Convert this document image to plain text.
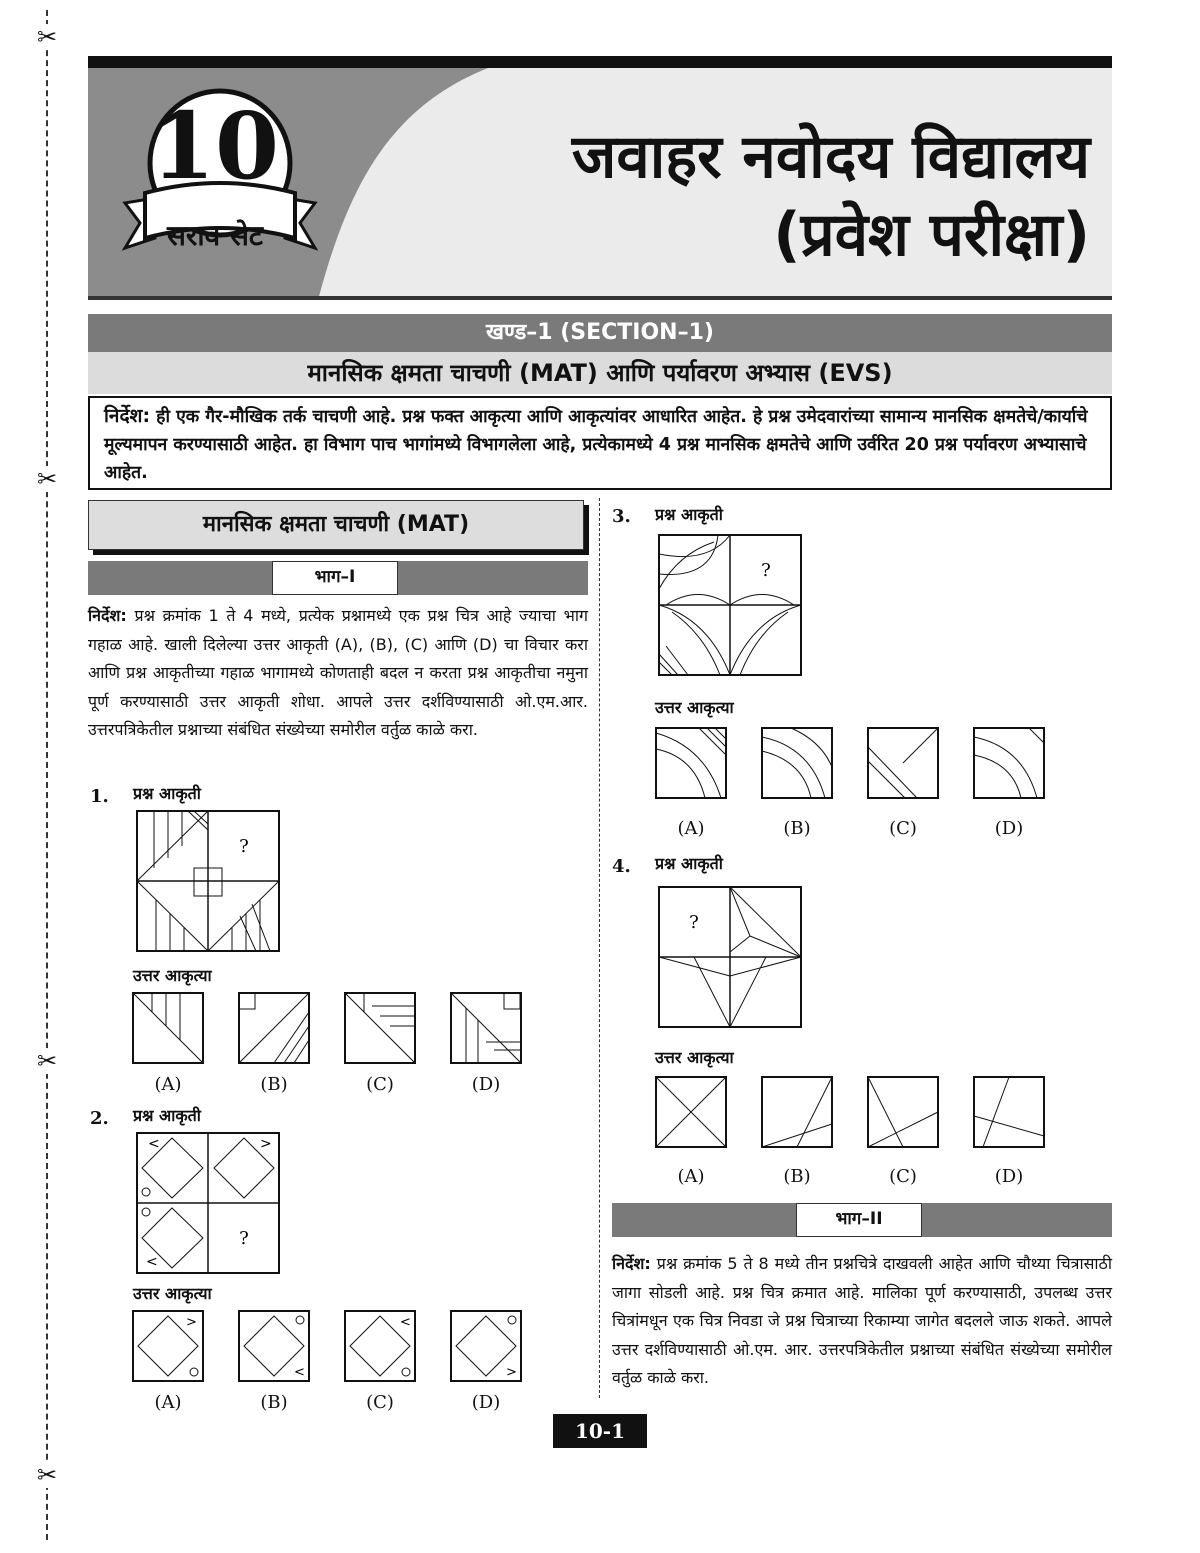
✂
✂
✂
✂
10
सराव सेट
जवाहर नवोदय विद्यालय
(प्रवेश परीक्षा)
खण्ड–1 (SECTION–1)
मानसिक क्षमता चाचणी (MAT) आणि पर्यावरण अभ्यास (EVS)
निर्देश: ही एक गैर-मौखिक तर्क चाचणी आहे. प्रश्न फक्त आकृत्या आणि आकृत्यांवर आधारित आहेत. हे प्रश्न उमेदवारांच्या सामान्य मानसिक क्षमतेचे/कार्याचे मूल्यमापन करण्यासाठी आहेत. हा विभाग पाच भागांमध्ये विभागलेला आहे, प्रत्येकामध्ये 4 प्रश्न मानसिक क्षमतेचे आणि उर्वरित 20 प्रश्न पर्यावरण अभ्यासाचे आहेत.
मानसिक क्षमता चाचणी (MAT)
भाग–I
निर्देश: प्रश्न क्रमांक 1 ते 4 मध्ये, प्रत्येक प्रश्नामध्ये एक प्रश्न चित्र आहे ज्याचा भाग गहाळ आहे. खाली दिलेल्या उत्तर आकृती (A), (B), (C) आणि (D) चा विचार करा आणि प्रश्न आकृतीच्या गहाळ भागामध्ये कोणताही बदल न करता प्रश्न आकृतीचा नमुना पूर्ण करण्यासाठी उत्तर आकृती शोधा. आपले उत्तर दर्शविण्यासाठी ओ.एम.आर. उत्तरपत्रिकेतील प्रश्नाच्या संबंधित संख्येच्या समोरील वर्तुळ काळे करा.
1. प्रश्न आकृती
?
उत्तर आकृत्या
(A)	(B)	(C)	(D)
2. प्रश्न आकृती
<	>
<
?
उत्तर आकृत्या
>
<
<
>
(A)	(B)	(C)	(D)
3. प्रश्न आकृती
?
उत्तर आकृत्या
(A)	(B)	(C)	(D)
4. प्रश्न आकृती
?
उत्तर आकृत्या
(A)	(B)	(C)	(D)
भाग–II
निर्देश: प्रश्न क्रमांक 5 ते 8 मध्ये तीन प्रश्नचित्रे दाखवली आहेत आणि चौथ्या चित्रासाठी जागा सोडली आहे. प्रश्न चित्र क्रमात आहे. मालिका पूर्ण करण्यासाठी, उपलब्ध उत्तर चित्रांमधून एक चित्र निवडा जे प्रश्न चित्राच्या रिकाम्या जागेत बदलले जाऊ शकते. आपले उत्तर दर्शविण्यासाठी ओ.एम. आर. उत्तरपत्रिकेतील प्रश्नाच्या संबंधित संख्येच्या समोरील वर्तुळ काळे करा.
10-1
